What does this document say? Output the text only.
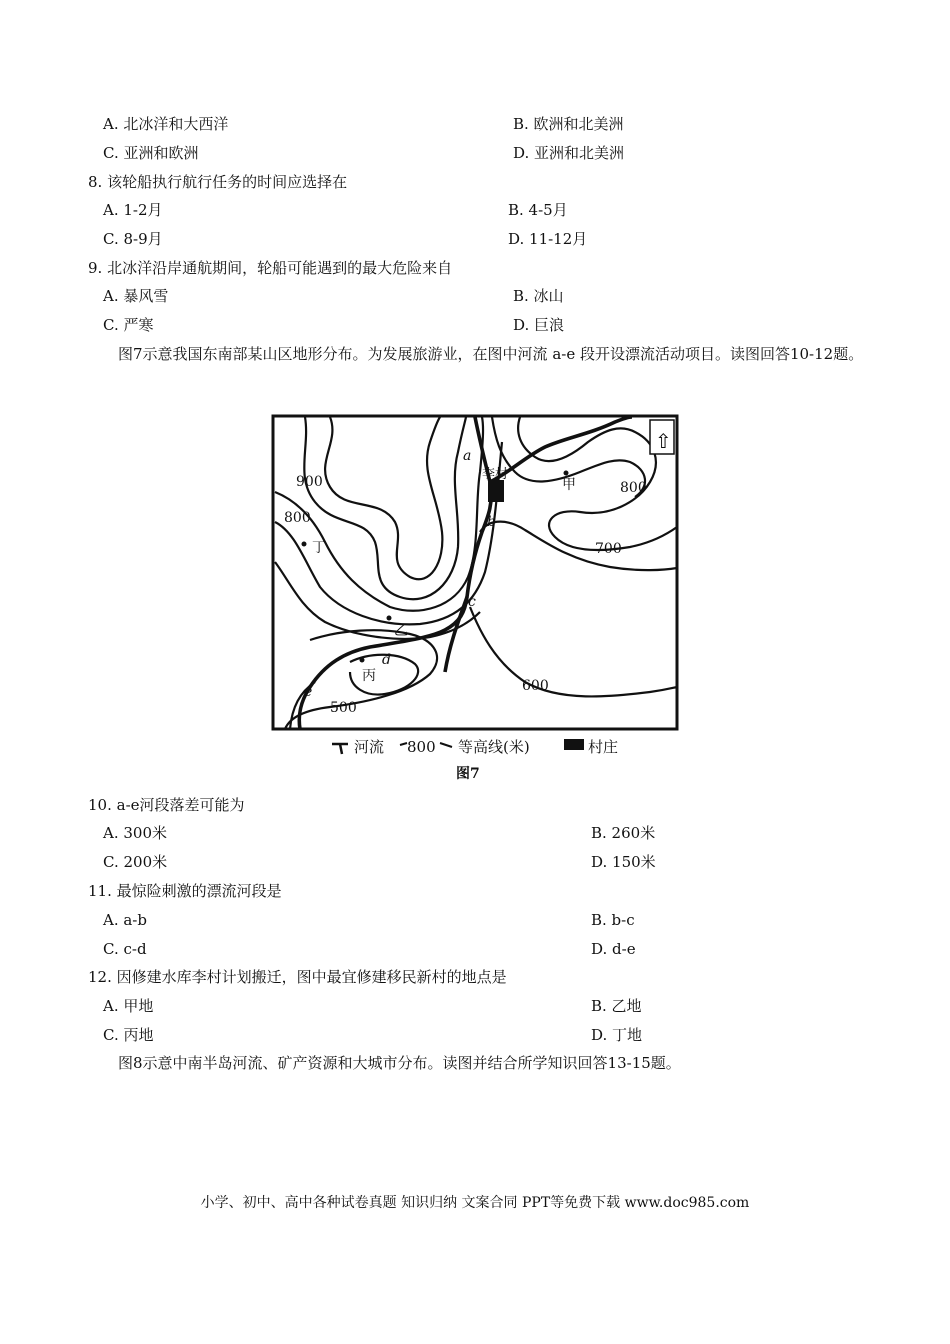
A. 北冰洋和大西洋	B. 欧洲和北美洲
C. 亚洲和欧洲	D. 亚洲和北美洲
8. 该轮船执行航行任务的时间应选择在
A. 1-2月	B. 4-5月
C. 8-9月	D. 11-12月
9. 北冰洋沿岸通航期间，轮船可能遇到的最大危险来自
A. 暴风雪	B. 冰山
C. 严寒	D. 巨浪
图7示意我国东南部某山区地形分布。为发展旅游业，在图中河流 a-e 段开设漂流活动项目。读图回答10-12题。
900
800
800
700
600
500
a
b
c
d
e
李村
甲
乙
丙
丁
⇧
河流 800 等高线(米)	村庄
图7
10. a-e河段落差可能为
A. 300米	B. 260米
C. 200米	D. 150米
11. 最惊险刺激的漂流河段是
A. a-b	B. b-c
C. c-d	D. d-e
12. 因修建水库李村计划搬迁，图中最宜修建移民新村的地点是
A. 甲地	B. 乙地
C. 丙地	D. 丁地
图8示意中南半岛河流、矿产资源和大城市分布。读图并结合所学知识回答13-15题。
小学、初中、高中各种试卷真题 知识归纳 文案合同 PPT等免费下载 www.doc985.com
